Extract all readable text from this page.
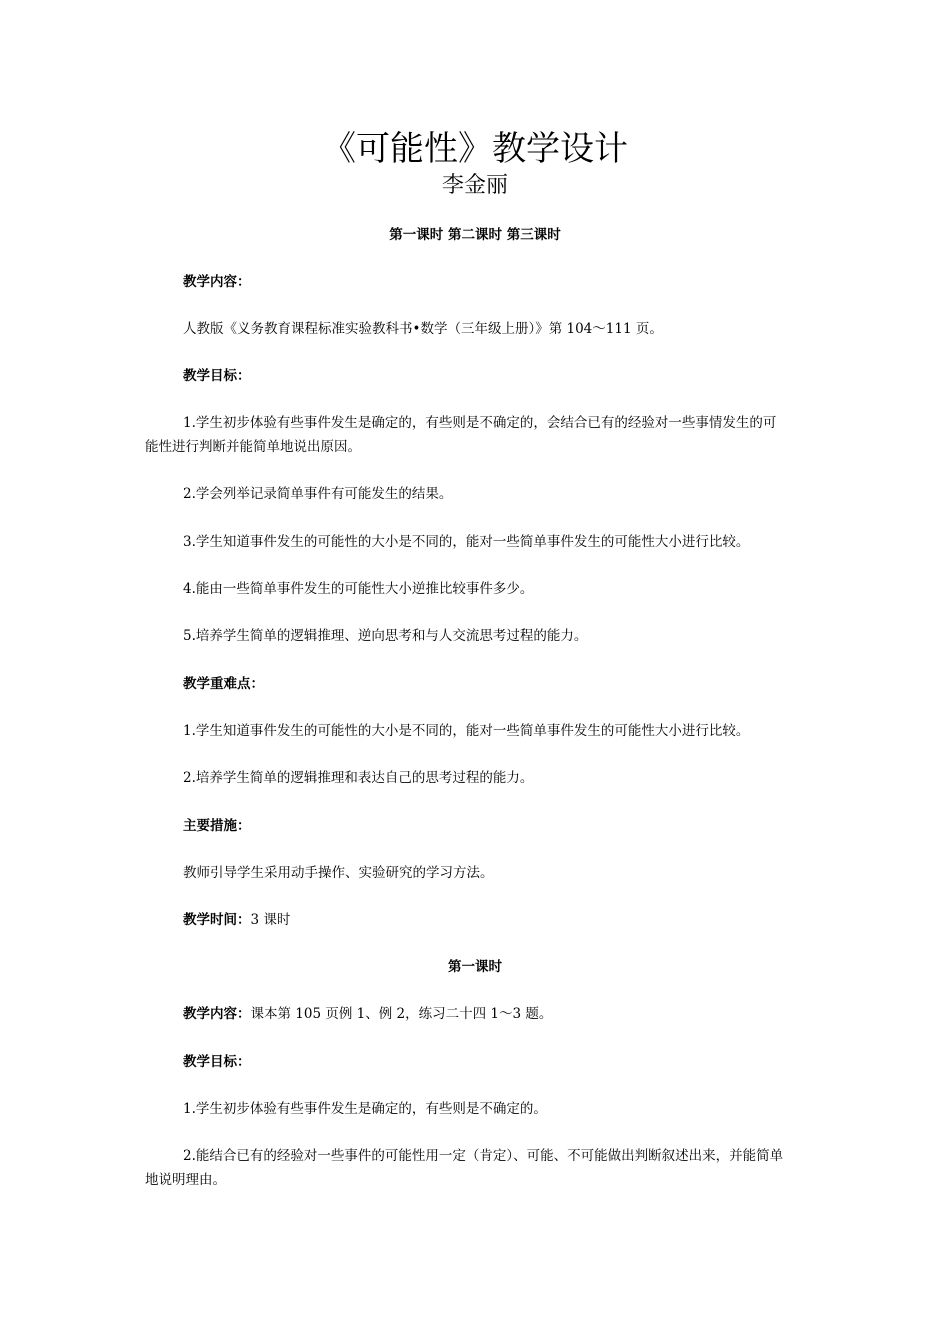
《可能性》教学设计
李金丽
第一课时 第二课时 第三课时
教学内容：
人教版《义务教育课程标准实验教科书•数学（三年级上册）》第 104～111 页。
教学目标：
1.学生初步体验有些事件发生是确定的，有些则是不确定的，会结合已有的经验对一些事情发生的可
能性进行判断并能简单地说出原因。
2.学会列举记录简单事件有可能发生的结果。
3.学生知道事件发生的可能性的大小是不同的，能对一些简单事件发生的可能性大小进行比较。
4.能由一些简单事件发生的可能性大小逆推比较事件多少。
5.培养学生简单的逻辑推理、逆向思考和与人交流思考过程的能力。
教学重难点：
1.学生知道事件发生的可能性的大小是不同的，能对一些简单事件发生的可能性大小进行比较。
2.培养学生简单的逻辑推理和表达自己的思考过程的能力。
主要措施：
教师引导学生采用动手操作、实验研究的学习方法。
教学时间：3 课时
第一课时
教学内容：课本第 105 页例 1、例 2，练习二十四 1～3 题。
教学目标：
1.学生初步体验有些事件发生是确定的，有些则是不确定的。
2.能结合已有的经验对一些事件的可能性用一定（肯定）、可能、不可能做出判断叙述出来，并能简单
地说明理由。
